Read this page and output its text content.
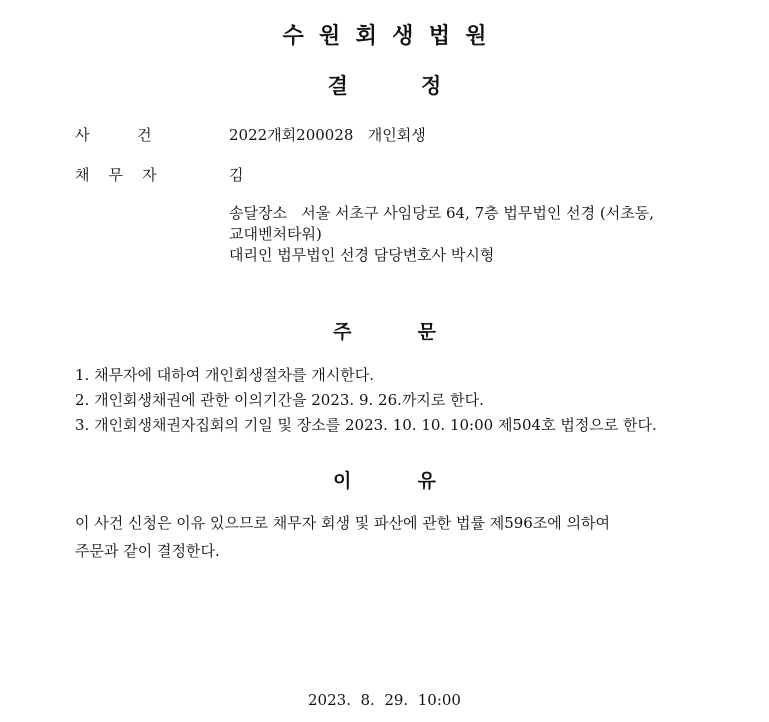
수  원  회  생  법  원
결          정
사          건	2022개회200028   개인회생
채    무    자	김
송달장소   서울 서초구 사임당로 64, 7층 법무법인 선경 (서초동,
교대벤처타워)
대리인 법무법인 선경 담당변호사 박시형
주          문
1. 채무자에 대하여 개인회생절차를 개시한다.
2. 개인회생채권에 관한 이의기간을 2023. 9. 26.까지로 한다.
3. 개인회생채권자집회의 기일 및 장소를 2023. 10. 10. 10:00 제504호 법정으로 한다.
이          유
이 사건 신청은 이유 있으므로 채무자 회생 및 파산에 관한 법률 제596조에 의하여
주문과 같이 결정한다.
2023.  8.  29.  10:00
